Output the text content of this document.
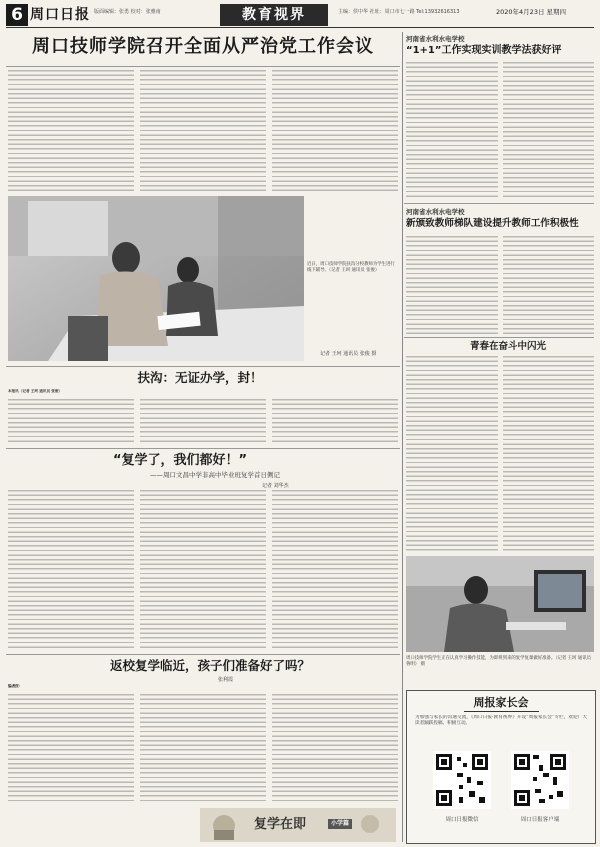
6 周口日报 版面编辑：张勇 校对：张雅南	教育视界	主编：侯中华 社址：周口市七一路 Tel:13932616313	2020年4月23日 星期四
周口技师学院召开全面从严治党工作会议
近日，周口技师学院扶沟分校教师为学生进行线下辅导。（记者 王珂 通讯员 张俊）
记者 王珂 通讯员 张俊 摄
扶沟：无证办学，封！
本报讯（记者 王珂 通讯员 张俊）
“复学了，我们都好！”
——周口文昌中学非高中毕业班复学首日侧记
记者 刘华杰
返校复学临近，孩子们准备好了吗？
张利霞
编者按：
复学在即	小学篇
河南省水利水电学校
“1+1”工作实现实训教学法获好评
河南省水利水电学校
新颁致教师梯队建设提升教师工作积极性
青春在奋斗中闪光
周口技师学院学生正在认真学习操作技能，为即将到来的复学复课做好准备。（记者 王珂 通讯员 鲁明） 摄
周报家长会
为加强与家长的沟通交流，《周口日报·教育视界》开设“周报家长会”专栏，欢迎广大读者踊跃投稿、积极互动。
周口日报微信	周口日报客户端
